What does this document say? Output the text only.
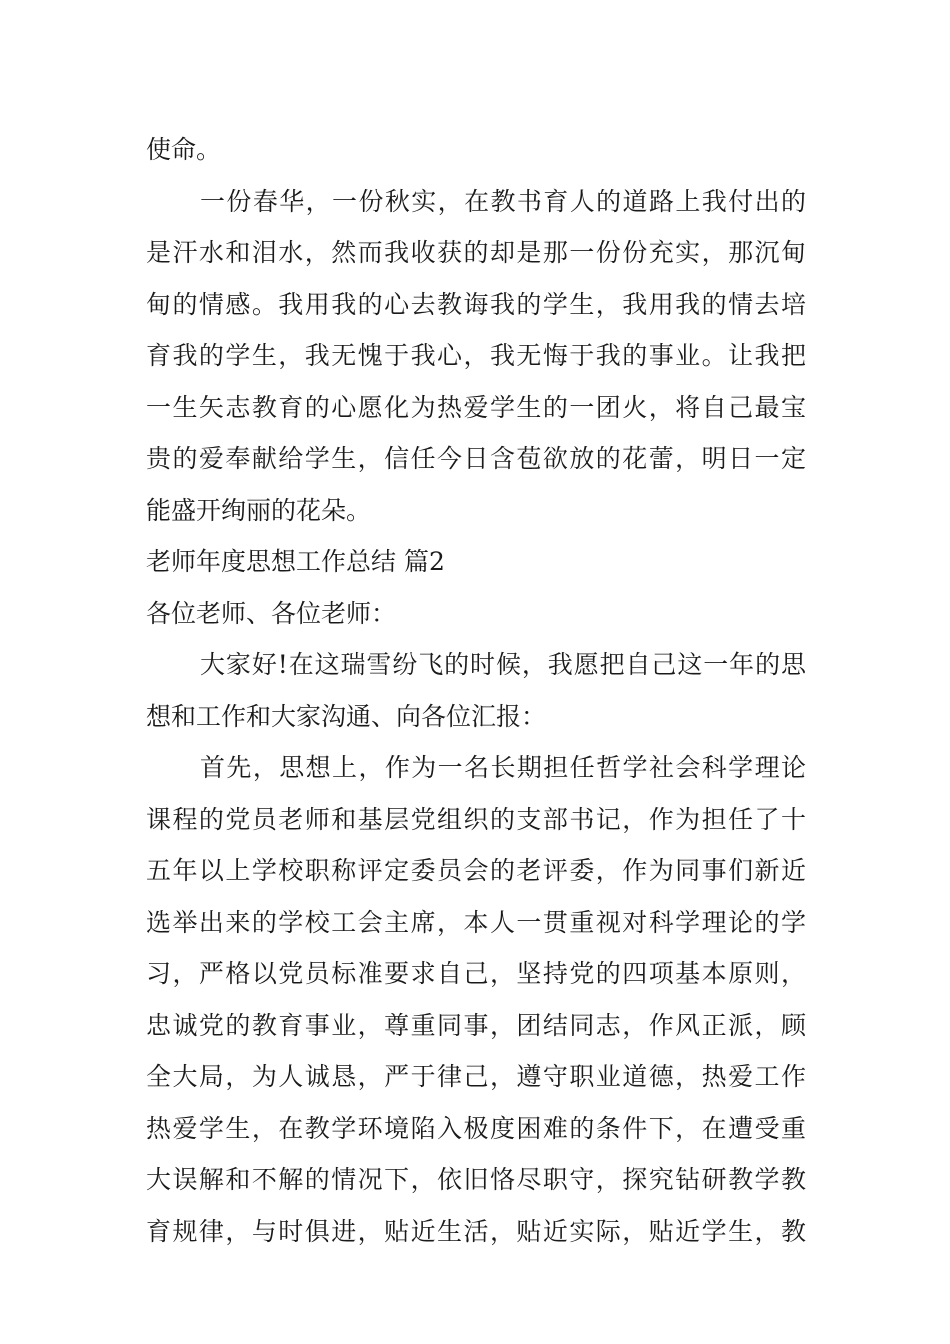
使命。
一份春华，一份秋实，在教书育人的道路上我付出的
是汗水和泪水，然而我收获的却是那一份份充实，那沉甸
甸的情感。我用我的心去教诲我的学生，我用我的情去培
育我的学生，我无愧于我心，我无悔于我的事业。让我把
一生矢志教育的心愿化为热爱学生的一团火，将自己最宝
贵的爱奉献给学生，信任今日含苞欲放的花蕾，明日一定
能盛开绚丽的花朵。
老师年度思想工作总结 篇2
各位老师、各位老师：
大家好!在这瑞雪纷飞的时候，我愿把自己这一年的思
想和工作和大家沟通、向各位汇报：
首先，思想上，作为一名长期担任哲学社会科学理论
课程的党员老师和基层党组织的支部书记，作为担任了十
五年以上学校职称评定委员会的老评委，作为同事们新近
选举出来的学校工会主席，本人一贯重视对科学理论的学
习，严格以党员标准要求自己，坚持党的四项基本原则，
忠诚党的教育事业，尊重同事，团结同志，作风正派，顾
全大局，为人诚恳，严于律己，遵守职业道德，热爱工作
热爱学生，在教学环境陷入极度困难的条件下，在遭受重
大误解和不解的情况下，依旧恪尽职守，探究钻研教学教
育规律，与时俱进，贴近生活，贴近实际，贴近学生，教
